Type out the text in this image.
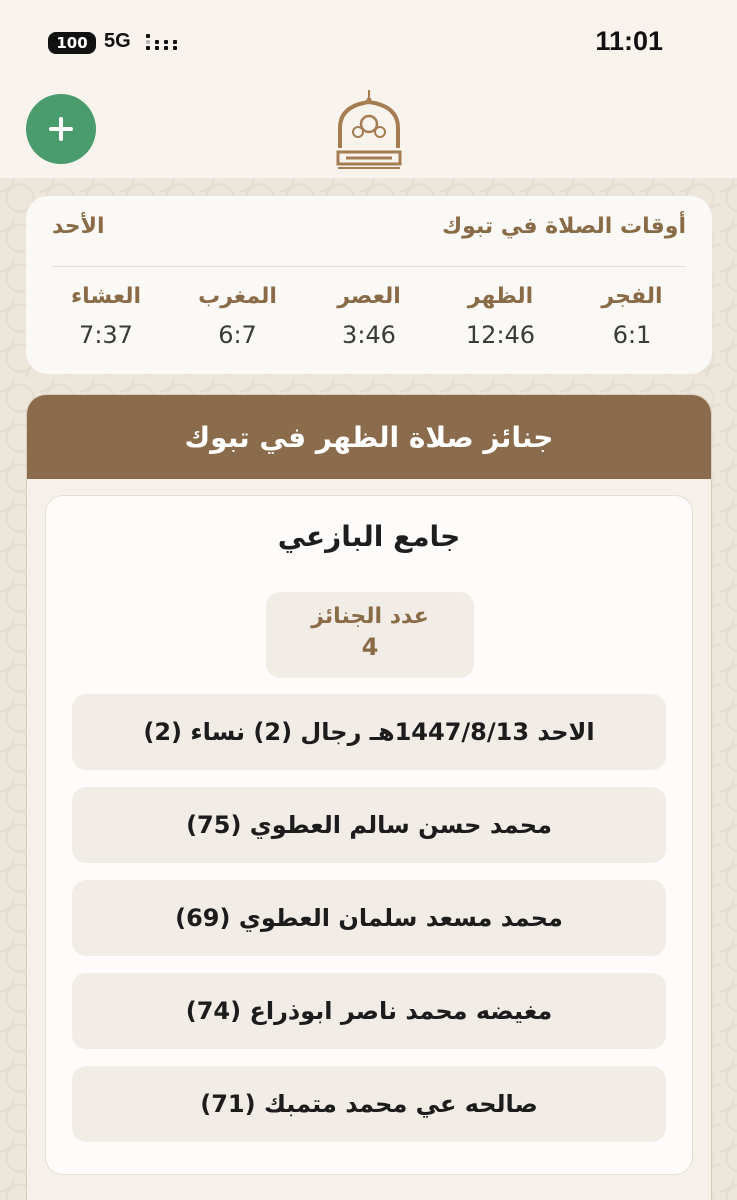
100 5G	11:01
أوقات الصلاة في تبوك
الأحد
الفجر
6:1
الظهر
12:46
العصر
3:46
المغرب
6:7
العشاء
7:37
جنائز صلاة الظهر في تبوك
جامع البازعي
عدد الجنائز
4
الاحد 1447/8/13هـ رجال (2) نساء (2)
محمد حسن سالم العطوي (75)
محمد مسعد سلمان العطوي (69)
مغيضه محمد ناصر ابوذراع (74)
صالحه عي محمد متمبك (71)
